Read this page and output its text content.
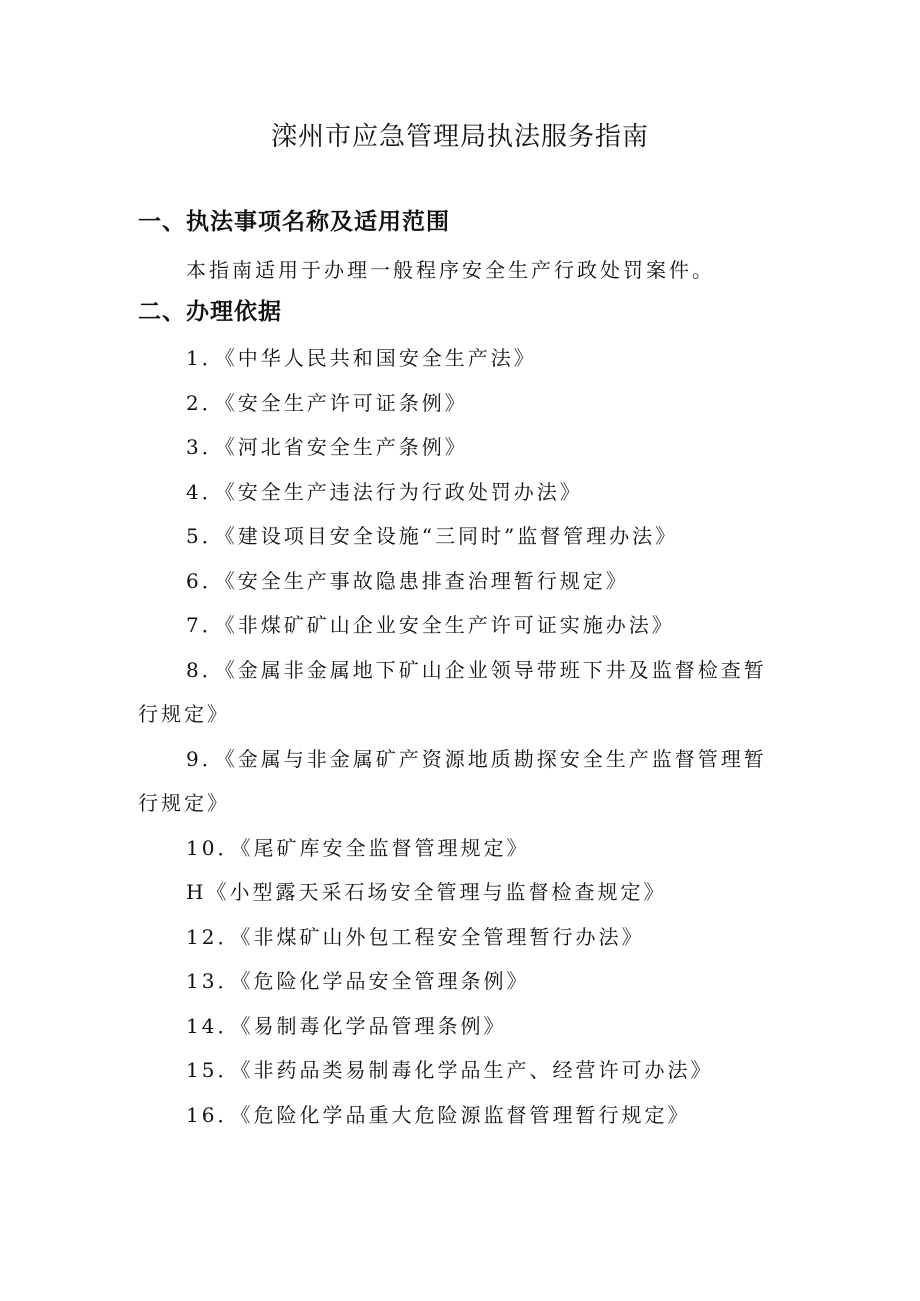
滦州市应急管理局执法服务指南
一、执法事项名称及适用范围
本指南适用于办理一般程序安全生产行政处罚案件。
二、办理依据
1．《中华人民共和国安全生产法》
2．《安全生产许可证条例》
3．《河北省安全生产条例》
4．《安全生产违法行为行政处罚办法》
5．《建设项目安全设施“三同时”监督管理办法》
6．《安全生产事故隐患排查治理暂行规定》
7．《非煤矿矿山企业安全生产许可证实施办法》
8．《金属非金属地下矿山企业领导带班下井及监督检查暂行规定》
9．《金属与非金属矿产资源地质勘探安全生产监督管理暂行规定》
10．《尾矿库安全监督管理规定》
H《小型露天采石场安全管理与监督检查规定》
12．《非煤矿山外包工程安全管理暂行办法》
13．《危险化学品安全管理条例》
14．《易制毒化学品管理条例》
15．《非药品类易制毒化学品生产、经营许可办法》
16．《危险化学品重大危险源监督管理暂行规定》
